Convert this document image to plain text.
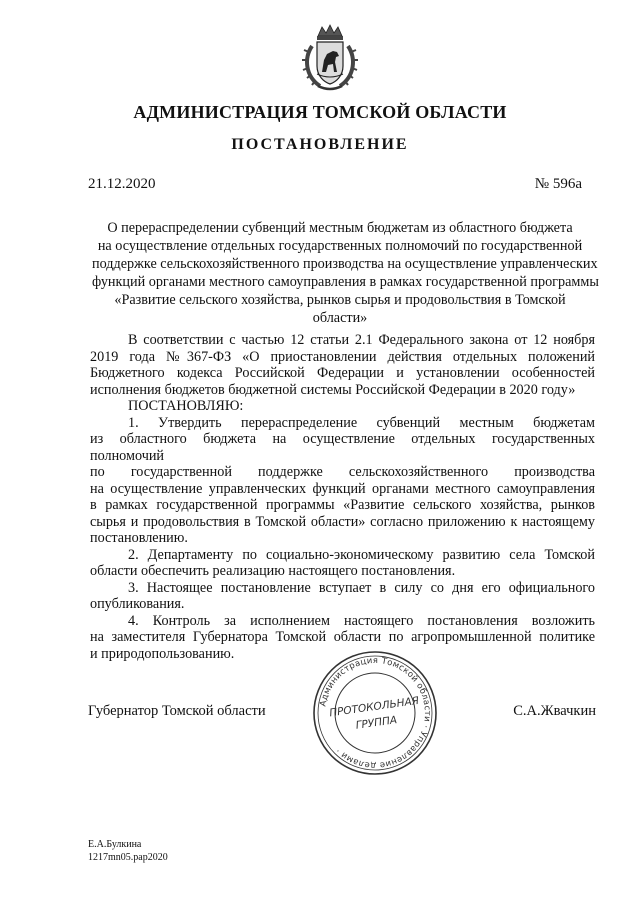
АДМИНИСТРАЦИЯ ТОМСКОЙ ОБЛАСТИ
ПОСТАНОВЛЕНИЕ
21.12.2020	№ 596а
О перераспределении субвенций местным бюджетам из областного бюджета
на осуществление отдельных государственных полномочий по государственной
поддержке сельскохозяйственного производства на осуществление управленческих
функций органами местного самоуправления в рамках государственной программы
«Развитие сельского хозяйства, рынков сырья и продовольствия в Томской
области»
В соответствии с частью 12 статьи 2.1 Федерального закона от 12 ноября
2019 года №367-ФЗ «О приостановлении действия отдельных положений
Бюджетного кодекса Российской Федерации и установлении особенностей
исполнения бюджетов бюджетной системы Российской Федерации в 2020 году»
ПОСТАНОВЛЯЮ:
1. Утвердить перераспределение субвенций местным бюджетам
из областного бюджета на осуществление отдельных государственных полномочий
по государственной поддержке сельскохозяйственного производства
на осуществление управленческих функций органами местного самоуправления
в рамках государственной программы «Развитие сельского хозяйства, рынков
сырья и продовольствия в Томской области» согласно приложению к настоящему
постановлению.
2. Департаменту по социально-экономическому развитию села Томской
области обеспечить реализацию настоящего постановления.
3. Настоящее постановление вступает в силу со дня его официального
опубликования.
4. Контроль за исполнением настоящего постановления возложить
на заместителя Губернатора Томской области по агропромышленной политике
и природопользованию.
Губернатор Томской области	С.А.Жвачкин
Администрация Томской области · Управление делами ·
ПРОТОКОЛЬНАЯ
ГРУППА
Е.А.Булкина
1217mn05.pap2020
